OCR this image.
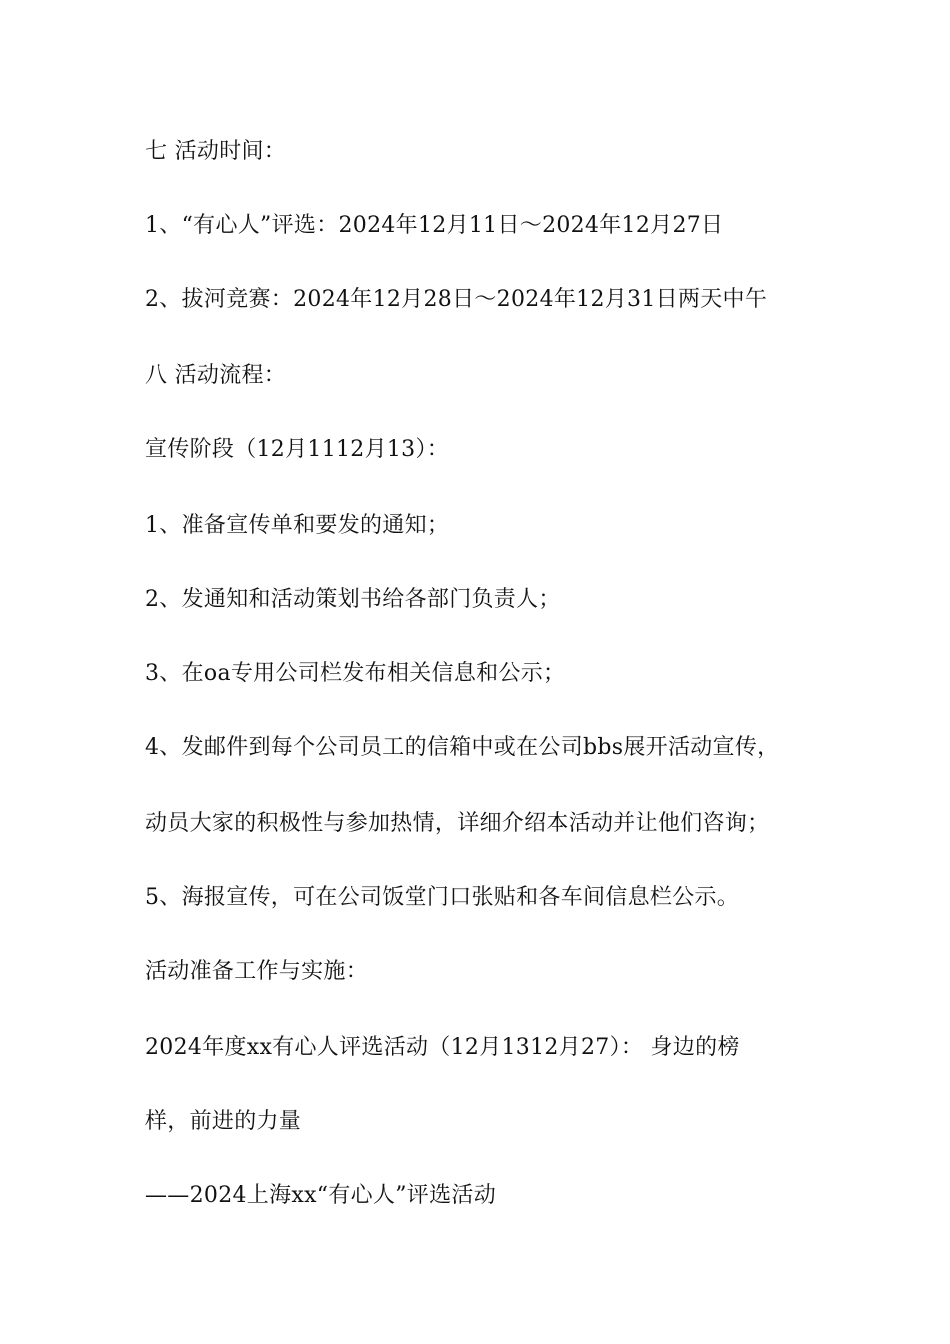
七 活动时间：
1、“有心人”评选：2024年12月11日～2024年12月27日
2、拔河竞赛：2024年12月28日～2024年12月31日两天中午
八 活动流程：
宣传阶段（12月1112月13）：
1、准备宣传单和要发的通知；
2、发通知和活动策划书给各部门负责人；
3、在oa专用公司栏发布相关信息和公示；
4、发邮件到每个公司员工的信箱中或在公司bbs展开活动宣传，
动员大家的积极性与参加热情，详细介绍本活动并让他们咨询；
5、海报宣传，可在公司饭堂门口张贴和各车间信息栏公示。
活动准备工作与实施：
2024年度xx有心人评选活动（12月1312月27）： 身边的榜
样，前进的力量
——2024上海xx“有心人”评选活动
